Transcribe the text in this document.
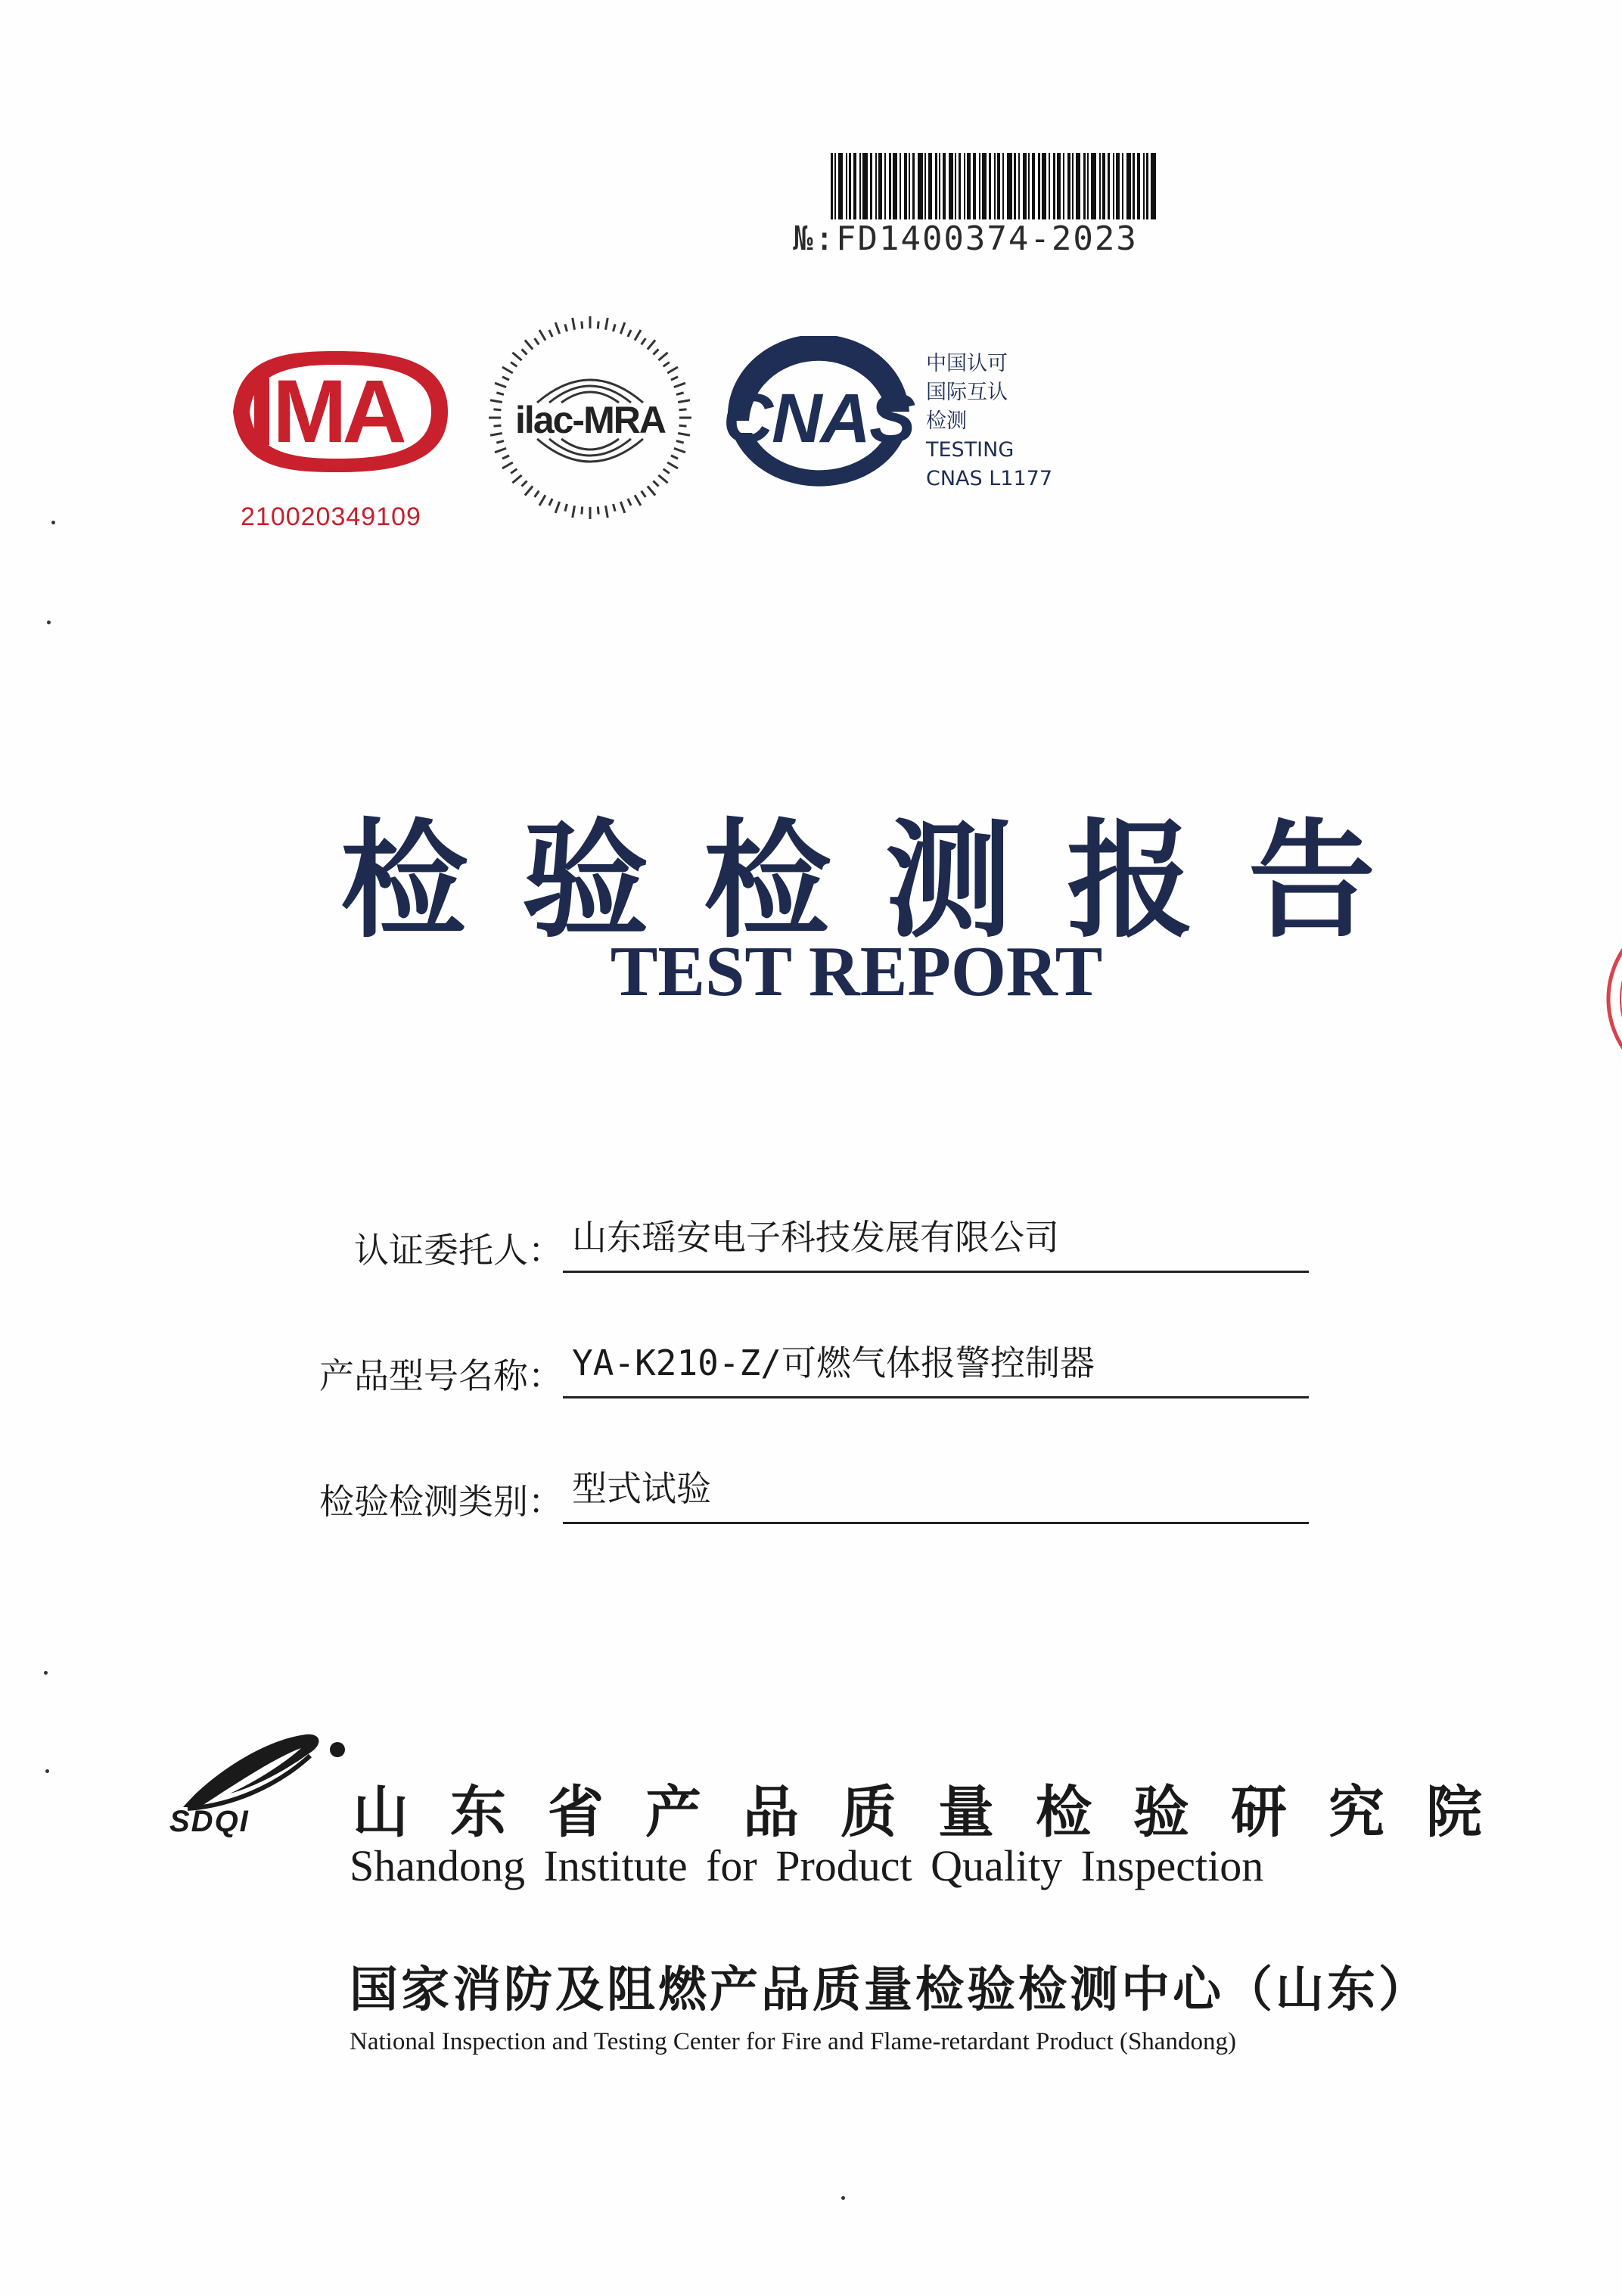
№:FD1400374-2023
MA
210020349109
ilac-MRA CNAS
中国认可
国际互认
检测
TESTING
CNAS L1177
检验检测报告
TEST REPORT
认证委托人： 山东瑶安电子科技发展有限公司
产品型号名称： YA-K210-Z/可燃气体报警控制器
检验检测类别： 型式试验
SDQI 山东省产品质量检验研究院
Shandong Institute for Product Quality Inspection
国家消防及阻燃产品质量检验检测中心（山东）
National Inspection and Testing Center for Fire and Flame-retardant Product (Shandong)
